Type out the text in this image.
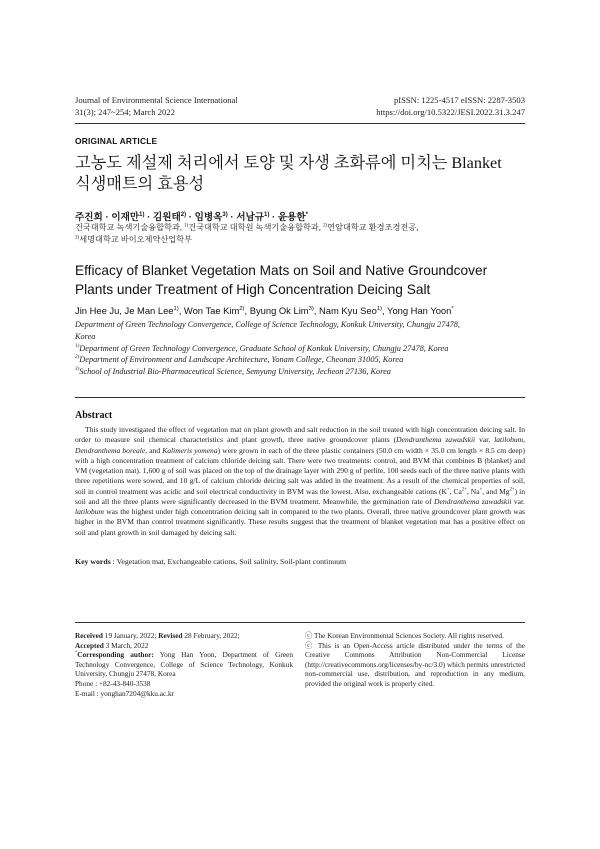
Journal of Environmental Science International
31(3); 247~254; March 2022
pISSN: 1225-4517 eISSN: 2287-3503
https://doi.org/10.5322/JESI.2022.31.3.247
ORIGINAL ARTICLE
고농도 제설제 처리에서 토양 및 자생 초화류에 미치는 Blanket
식생매트의 효용성
주진희 · 이재만$^{1)}$ · 김원태$^{2)}$ · 임병옥$^{3)}$ · 서남규$^{1)}$ · 윤용한*
건국대학교 녹색기술융합학과, $^{1)}$건국대학교 대학원 녹색기술융합학과, $^{2)}$연암대학교 환경조경전공,
$^{3)}$세명대학교 바이오제약산업학부
Efficacy of Blanket Vegetation Mats on Soil and Native Groundcover
Plants under Treatment of High Concentration Deicing Salt
Jin Hee Ju, Je Man Lee$^{1)}$, Won Tae Kim$^{2)}$, Byung Ok Lim$^{3)}$, Nam Kyu Seo$^{1)}$, Yong Han Yoon*
Department of Green Technology Convergence, College of Science Technology, Konkuk University, Chungju 27478,
Korea
$^{1)}$Department of Green Technology Convergence, Graduate School of Konkuk University, Chungju 27478, Korea
$^{2)}$Department of Environment and Landscape Architecture, Yonam College, Cheonan 31005, Korea
$^{3)}$School of Industrial Bio-Pharmaceutical Science, Semyung University, Jecheon 27136, Korea
Abstract
This study investigated the effect of vegetation mat on plant growth and salt reduction in the soil treated with high concentration deicing salt. In order to measure soil chemical characteristics and plant growth, three native groundcover plants (Dendranthema zawadskii var. latilobum, Dendranthema boreale, and Kalimeris yomena) were grown in each of the three plastic containers (50.0 cm width × 35.0 cm length × 8.5 cm deep) with a high concentration treatment of calcium chloride deicing salt. There were two treatments: control, and BVM that combines B (blanket) and VM (vegetation mat). 1,600 g of soil was placed on the top of the drainage layer with 290 g of perlite, 100 seeds each of the three native plants with three repetitions were sowed, and 10 g/L of calcium chloride deicing salt was added in the treatment. As a result of the chemical properties of soil, soil in control treatment was acidic and soil electrical conductivity in BVM was the lowest. Also, exchangeable cations (K+, $Ca^{2+}$, Na+, and $Mg^{2+}$) in soil and all the three plants were significantly decreased in the BVM treatment. Meanwhile, the germination rate of Dendranthema zawadskii var. latilobum was the highest under high concentration deicing salt in compared to the two plants. Overall, three native groundcover plant growth was higher in the BVM than control treatment significantly. These results suggest that the treatment of blanket vegetation mat has a positive effect on soil and plant growth in soil damaged by deicing salt.
Key words : Vegetation mat, Exchangeable cations, Soil salinity, Soil-plant continuum
Received 19 January, 2022; Revised 28 February, 2022;
Accepted 3 March, 2022
*Corresponding author: Yong Han Yoon, Department of Green Technology Convergence, College of Science Technology, Konkuk University, Chungju 27478, Korea
Phone : +82-43-840-3538
E-mail : yonghan7204@kku.ac.kr
ⓒ The Korean Environmental Sciences Society. All rights reserved.
ⓒ This is an Open-Access article distributed under the terms of the Creative Commons Attribution Non-Commercial License (http://creativecommons.org/licenses/by-nc/3.0) which permits unrestricted non-commercial use, distribution, and reproduction in any medium, provided the original work is properly cited.
